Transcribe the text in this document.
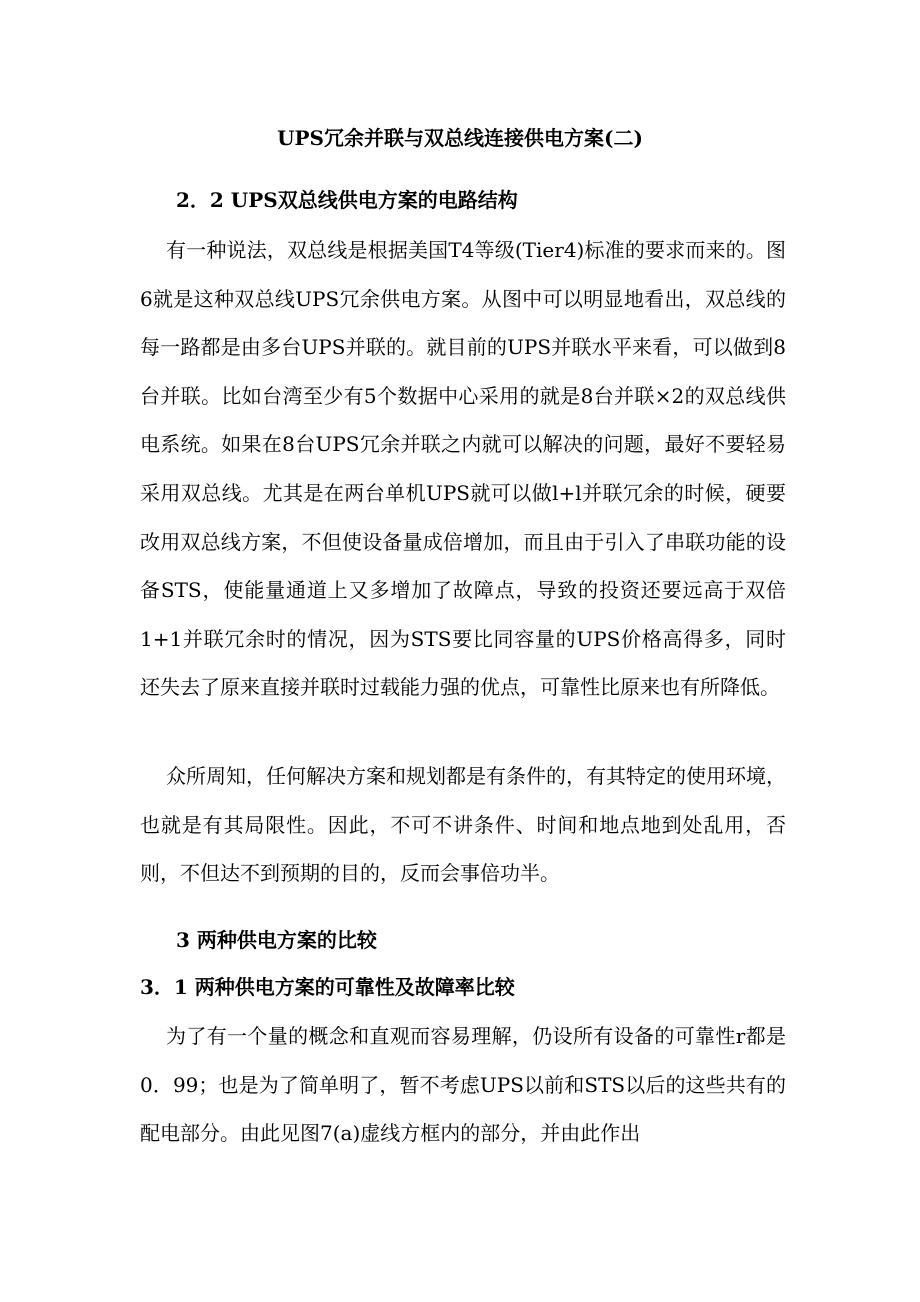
UPS冗余并联与双总线连接供电方案(二)
2．2 UPS双总线供电方案的电路结构
有一种说法，双总线是根据美国T4等级(Tier4)标准的要求而来的。图6就是这种双总线UPS冗余供电方案。从图中可以明显地看出，双总线的每一路都是由多台UPS并联的。就目前的UPS并联水平来看，可以做到8台并联。比如台湾至少有5个数据中心采用的就是8台并联×2的双总线供电系统。如果在8台UPS冗余并联之内就可以解决的问题，最好不要轻易采用双总线。尤其是在两台单机UPS就可以做l+l并联冗余的时候，硬要改用双总线方案，不但使设备量成倍增加，而且由于引入了串联功能的设备STS，使能量通道上又多增加了故障点，导致的投资还要远高于双倍1+1并联冗余时的情况，因为STS要比同容量的UPS价格高得多，同时还失去了原来直接并联时过载能力强的优点，可靠性比原来也有所降低。
众所周知，任何解决方案和规划都是有条件的，有其特定的使用环境，也就是有其局限性。因此，不可不讲条件、时间和地点地到处乱用，否则，不但达不到预期的目的，反而会事倍功半。
3 两种供电方案的比较
3．1 两种供电方案的可靠性及故障率比较
为了有一个量的概念和直观而容易理解，仍设所有设备的可靠性r都是0．99；也是为了简单明了，暂不考虑UPS以前和STS以后的这些共有的配电部分。由此见图7(a)虚线方框内的部分，并由此作出
